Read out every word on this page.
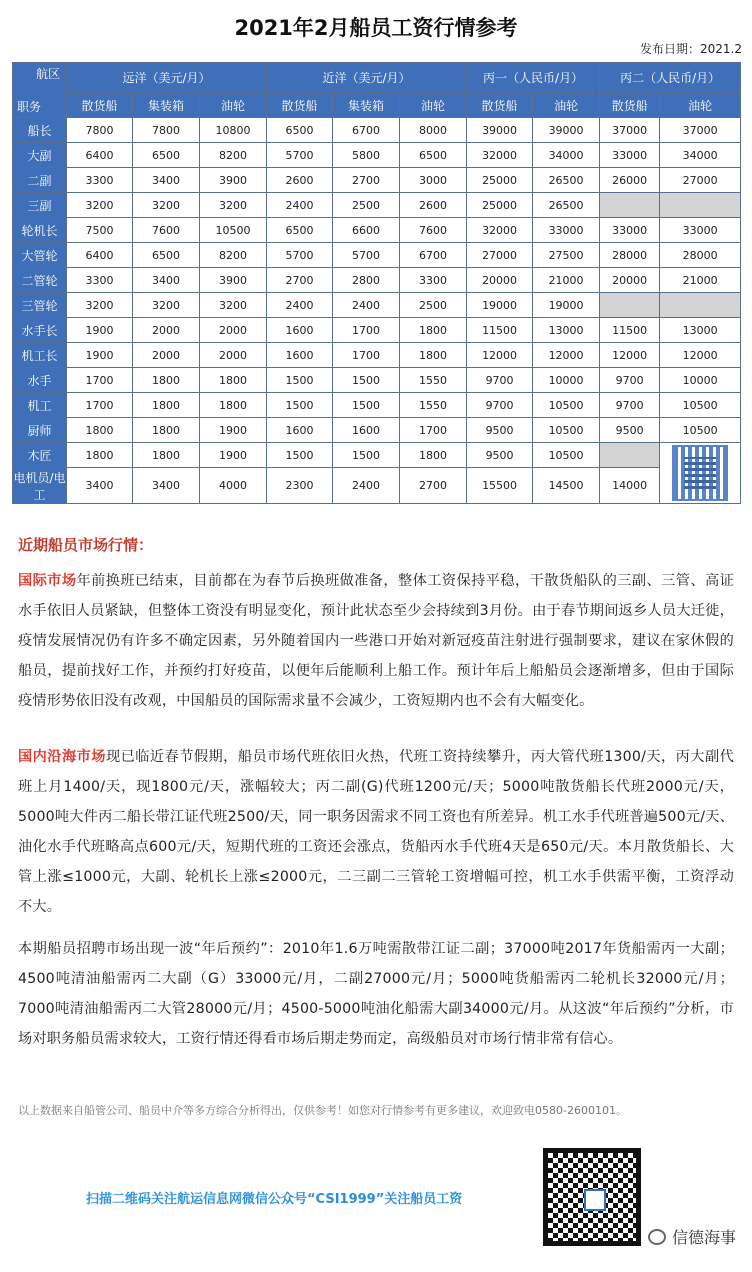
2021年2月船员工资行情参考
发布日期：2021.2
航区
职务	远洋（美元/月）			近洋（美元/月）			丙一（人民币/月）		丙二（人民币/月）	
	散货船	集装箱	油轮	散货船	集装箱	油轮	散货船	油轮	散货船	油轮
船长	7800	7800	10800	6500	6700	8000	39000	39000	37000	37000
大副	6400	6500	8200	5700	5800	6500	32000	34000	33000	34000
二副	3300	3400	3900	2600	2700	3000	25000	26500	26000	27000
三副	3200	3200	3200	2400	2500	2600	25000	26500		
轮机长	7500	7600	10500	6500	6600	7600	32000	33000	33000	33000
大管轮	6400	6500	8200	5700	5700	6700	27000	27500	28000	28000
二管轮	3300	3400	3900	2700	2800	3300	20000	21000	20000	21000
三管轮	3200	3200	3200	2400	2400	2500	19000	19000		
水手长	1900	2000	2000	1600	1700	1800	11500	13000	11500	13000
机工长	1900	2000	2000	1600	1700	1800	12000	12000	12000	12000
水手	1700	1800	1800	1500	1500	1550	9700	10000	9700	10000
机工	1700	1800	1800	1500	1500	1550	9700	10500	9700	10500
厨师	1800	1800	1900	1600	1600	1700	9500	10500	9500	10500
木匠	1800	1800	1900	1500	1500	1800	9500	10500		

电机员/电工	3400	3400	4000	2300	2400	2700	15500	14500	14000	
近期船员市场行情：
国际市场年前换班已结束，目前都在为春节后换班做准备，整体工资保持平稳，干散货船队的三副、三管、高证水手依旧人员紧缺，但整体工资没有明显变化，预计此状态至少会持续到3月份。由于春节期间返乡人员大迁徙，疫情发展情况仍有许多不确定因素，另外随着国内一些港口开始对新冠疫苗注射进行强制要求，建议在家休假的船员，提前找好工作，并预约打好疫苗，以便年后能顺利上船工作。预计年后上船船员会逐渐增多，但由于国际疫情形势依旧没有改观，中国船员的国际需求量不会减少，工资短期内也不会有大幅变化。
国内沿海市场现已临近春节假期，船员市场代班依旧火热，代班工资持续攀升，丙大管代班1300/天，丙大副代班上月1400/天，现1800元/天，涨幅较大；丙二副(G)代班1200元/天；5000吨散货船长代班2000元/天，5000吨大件丙二船长带江证代班2500/天，同一职务因需求不同工资也有所差异。机工水手代班普遍500元/天、油化水手代班略高点600元/天，短期代班的工资还会涨点，货船丙水手代班4天是650元/天。本月散货船长、大管上涨≤1000元，大副、轮机长上涨≤2000元，二三副二三管轮工资增幅可控，机工水手供需平衡，工资浮动不大。
本期船员招聘市场出现一波“年后预约”：2010年1.6万吨需散带江证二副；37000吨2017年货船需丙一大副；4500吨清油船需丙二大副（G）33000元/月，二副27000元/月；5000吨货船需丙二轮机长32000元/月；7000吨清油船需丙二大管28000元/月；4500-5000吨油化船需大副34000元/月。从这波“年后预约”分析，市场对职务船员需求较大，工资行情还得看市场后期走势而定，高级船员对市场行情非常有信心。
以上数据来自船管公司、船员中介等多方综合分析得出，仅供参考！如您对行情参考有更多建议，欢迎致电0580-2600101。
扫描二维码关注航运信息网微信公众号“CSI1999”关注船员工资
信德海事
